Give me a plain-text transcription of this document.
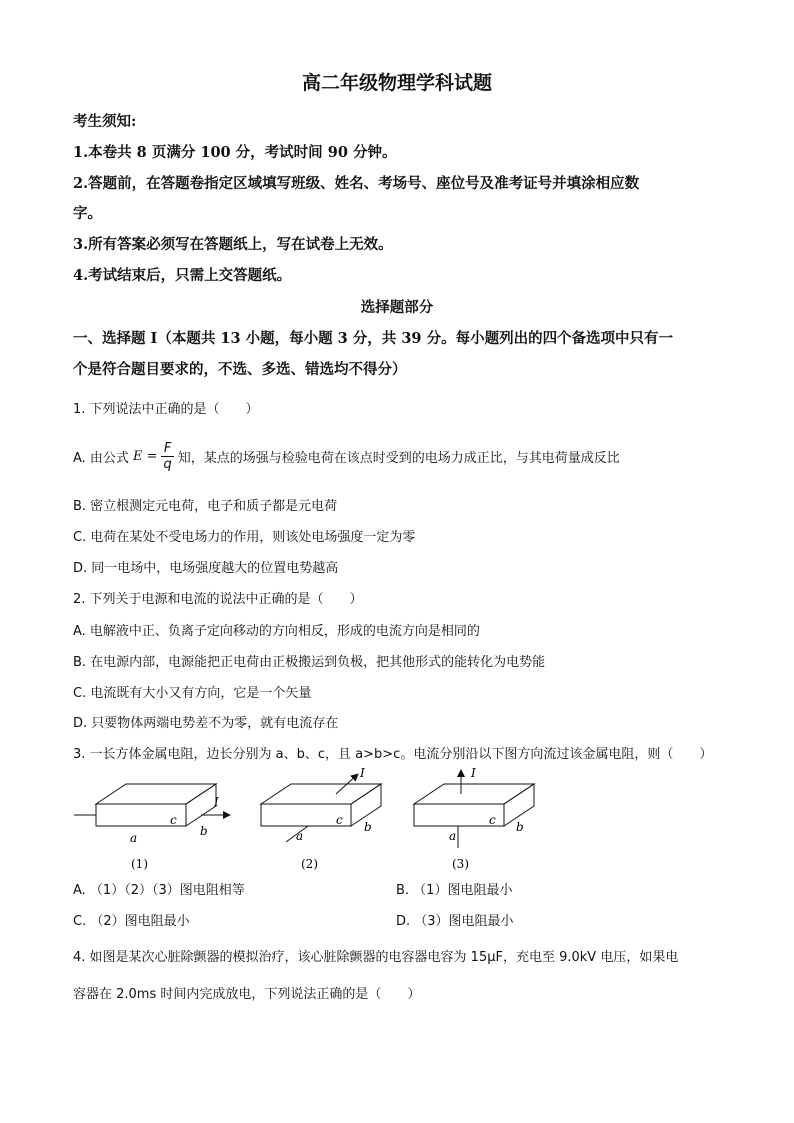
高二年级物理学科试题
考生须知:
1.本卷共 8 页满分 100 分，考试时间 90 分钟。
2.答题前，在答题卷指定区域填写班级、姓名、考场号、座位号及准考证号并填涂相应数
字。
3.所有答案必须写在答题纸上，写在试卷上无效。
4.考试结束后，只需上交答题纸。
选择题部分
一、选择题 I（本题共 13 小题，每小题 3 分，共 39 分。每小题列出的四个备选项中只有一
个是符合题目要求的，不选、多选、错选均不得分）
1. 下列说法中正确的是（　　）
A. 由公式 $E = \frac{F}{q}$ 知，某点的场强与检验电荷在该点时受到的电场力成正比，与其电荷量成反比
B. 密立根测定元电荷，电子和质子都是元电荷
C. 电荷在某处不受电场力的作用，则该处电场强度一定为零
D. 同一电场中，电场强度越大的位置电势越高
2. 下列关于电源和电流的说法中正确的是（　　）
A. 电解液中正、负离子定向移动的方向相反，形成的电流方向是相同的
B. 在电源内部，电源能把正电荷由正极搬运到负极，把其他形式的能转化为电势能
C. 电流既有大小又有方向，它是一个矢量
D. 只要物体两端电势差不为零，就有电流存在
3. 一长方体金属电阻，边长分别为 a、b、c，且 a>b>c。电流分别沿以下图方向流过该金属电阻，则（　　）
a
c
b
I
(1)
a
c b
I
(2)
a
c b
I
(3)
A. （1）（2）（3）图电阻相等	B. （1）图电阻最小
C. （2）图电阻最小	D. （3）图电阻最小
4. 如图是某次心脏除颤器的模拟治疗，该心脏除颤器的电容器电容为 15μF，充电至 9.0kV 电压，如果电
容器在 2.0ms 时间内完成放电，下列说法正确的是（　　）
